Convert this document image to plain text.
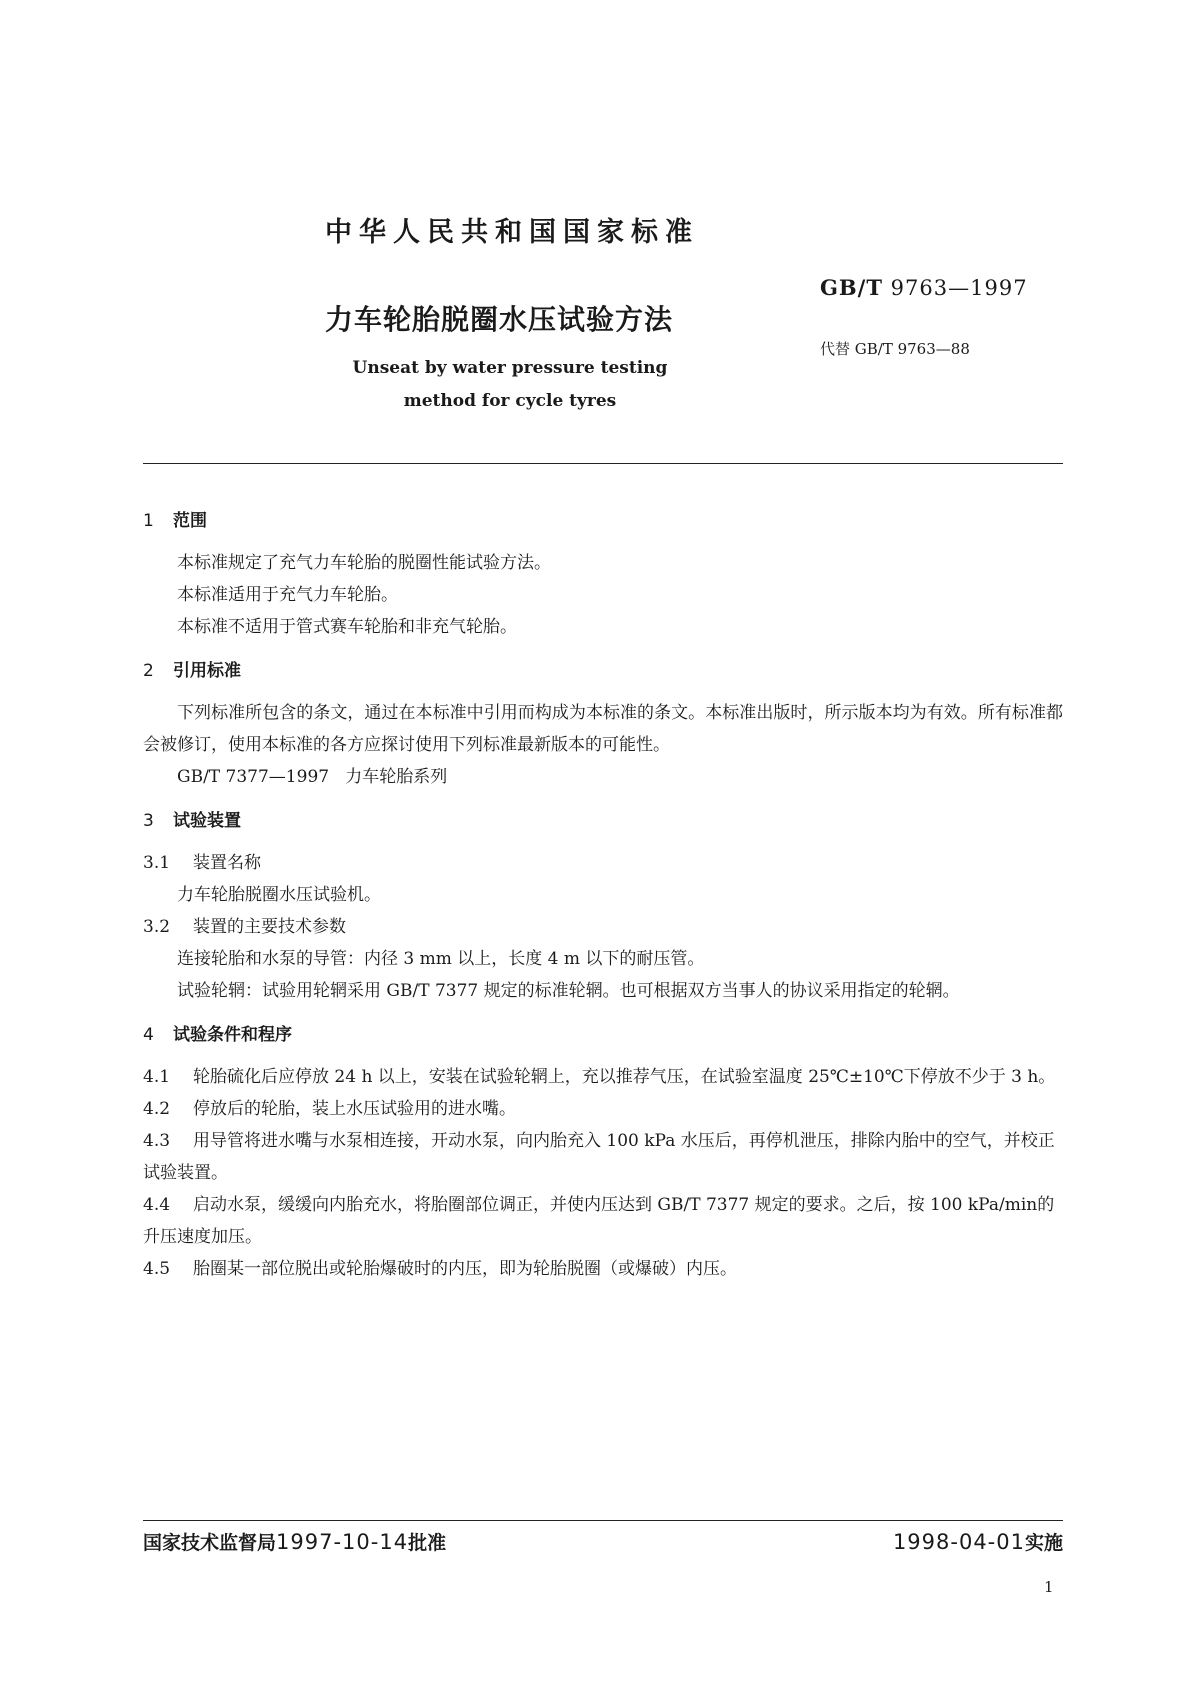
中华人民共和国国家标准
GB/T 9763—1997
代替 GB/T 9763—88
力车轮胎脱圈水压试验方法
Unseat by water pressure testing
method for cycle tyres
1 范围
本标准规定了充气力车轮胎的脱圈性能试验方法。
本标准适用于充气力车轮胎。
本标准不适用于管式赛车轮胎和非充气轮胎。
2 引用标准
下列标准所包含的条文，通过在本标准中引用而构成为本标准的条文。本标准出版时，所示版本均为有效。所有标准都会被修订，使用本标准的各方应探讨使用下列标准最新版本的可能性。
GB/T 7377—1997 力车轮胎系列
3 试验装置
3.1 装置名称
力车轮胎脱圈水压试验机。
3.2 装置的主要技术参数
连接轮胎和水泵的导管：内径 3 mm 以上，长度 4 m 以下的耐压管。
试验轮辋：试验用轮辋采用 GB/T 7377 规定的标准轮辋。也可根据双方当事人的协议采用指定的轮辋。
4 试验条件和程序
4.1 轮胎硫化后应停放 24 h 以上，安装在试验轮辋上，充以推荐气压，在试验室温度 25℃±10℃下停放不少于 3 h。
4.2 停放后的轮胎，装上水压试验用的进水嘴。
4.3 用导管将进水嘴与水泵相连接，开动水泵，向内胎充入 100 kPa 水压后，再停机泄压，排除内胎中的空气，并校正试验装置。
4.4 启动水泵，缓缓向内胎充水，将胎圈部位调正，并使内压达到 GB/T 7377 规定的要求。之后，按 100 kPa/min的升压速度加压。
4.5 胎圈某一部位脱出或轮胎爆破时的内压，即为轮胎脱圈（或爆破）内压。
国家技术监督局1997-10-14批准	1998-04-01实施
1
